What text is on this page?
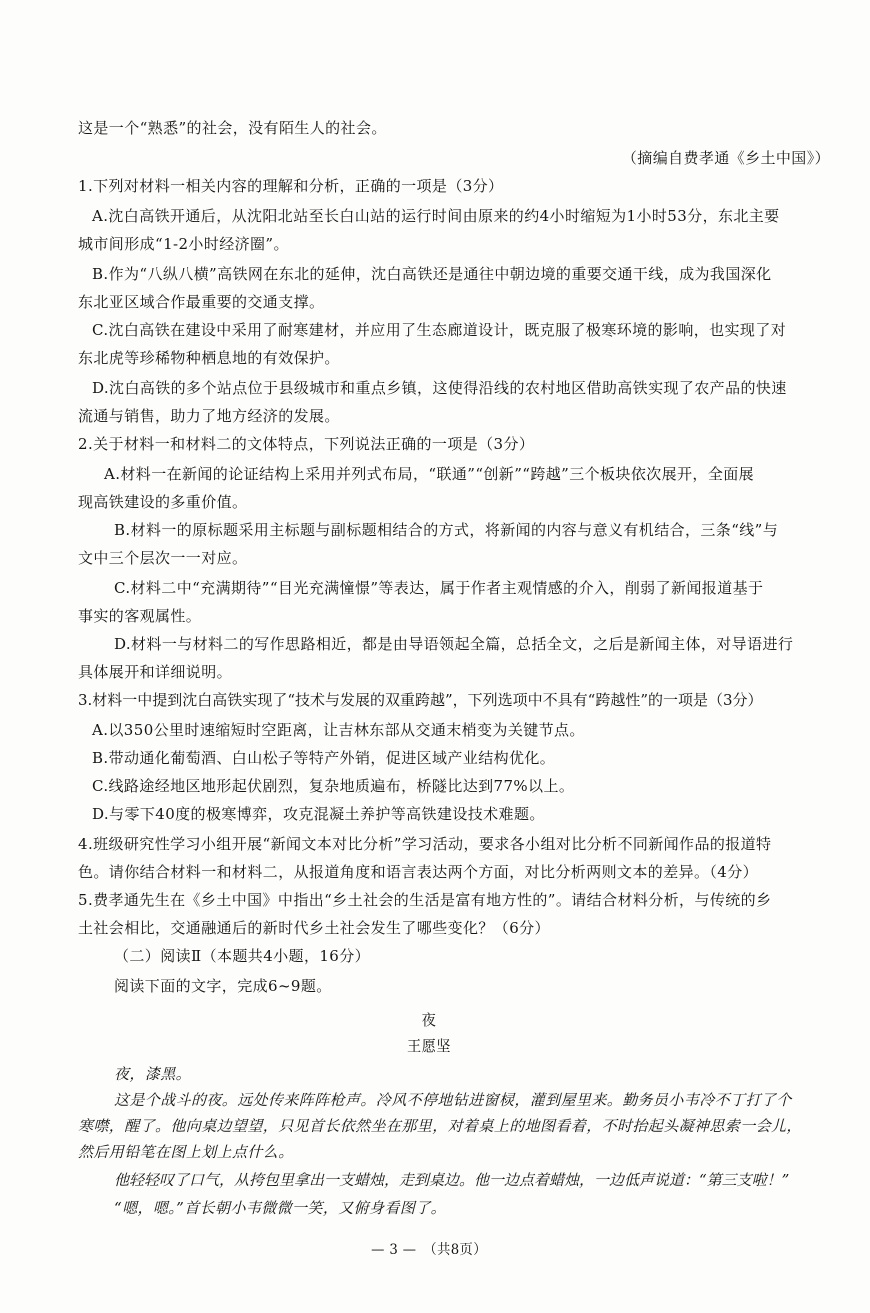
这是一个“熟悉”的社会，没有陌生人的社会。
（摘编自费孝通《乡土中国》）
1.下列对材料一相关内容的理解和分析，正确的一项是（3分）
A.沈白高铁开通后，从沈阳北站至长白山站的运行时间由原来的约4小时缩短为1小时53分，东北主要
城市间形成“1-2小时经济圈”。
B.作为“八纵八横”高铁网在东北的延伸，沈白高铁还是通往中朝边境的重要交通干线，成为我国深化
东北亚区域合作最重要的交通支撑。
C.沈白高铁在建设中采用了耐寒建材，并应用了生态廊道设计，既克服了极寒环境的影响，也实现了对
东北虎等珍稀物种栖息地的有效保护。
D.沈白高铁的多个站点位于县级城市和重点乡镇，这使得沿线的农村地区借助高铁实现了农产品的快速
流通与销售，助力了地方经济的发展。
2.关于材料一和材料二的文体特点，下列说法正确的一项是（3分）
A.材料一在新闻的论证结构上采用并列式布局，“联通”“创新”“跨越”三个板块依次展开，全面展
现高铁建设的多重价值。
B.材料一的原标题采用主标题与副标题相结合的方式，将新闻的内容与意义有机结合，三条“线”与
文中三个层次一一对应。
C.材料二中“充满期待”“目光充满憧憬”等表达，属于作者主观情感的介入，削弱了新闻报道基于
事实的客观属性。
D.材料一与材料二的写作思路相近，都是由导语领起全篇，总括全文，之后是新闻主体，对导语进行
具体展开和详细说明。
3.材料一中提到沈白高铁实现了“技术与发展的双重跨越”，下列选项中不具有“跨越性”的一项是（3分）
A.以350公里时速缩短时空距离，让吉林东部从交通末梢变为关键节点。
B.带动通化葡萄酒、白山松子等特产外销，促进区域产业结构优化。
C.线路途经地区地形起伏剧烈，复杂地质遍布，桥隧比达到77%以上。
D.与零下40度的极寒博弈，攻克混凝土养护等高铁建设技术难题。
4.班级研究性学习小组开展“新闻文本对比分析”学习活动，要求各小组对比分析不同新闻作品的报道特
色。请你结合材料一和材料二，从报道角度和语言表达两个方面，对比分析两则文本的差异。（4分）
5.费孝通先生在《乡土中国》中指出“乡土社会的生活是富有地方性的”。请结合材料分析，与传统的乡
土社会相比，交通融通后的新时代乡土社会发生了哪些变化？（6分）
（二）阅读Ⅱ（本题共4小题，16分）
阅读下面的文字，完成6~9题。
夜
王愿坚
夜，漆黑。
这是个战斗的夜。远处传来阵阵枪声。冷风不停地钻进窗棂，灌到屋里来。勤务员小韦冷不丁打了个
寒噤，醒了。他向桌边望望，只见首长依然坐在那里，对着桌上的地图看着，不时抬起头凝神思索一会儿，
然后用铅笔在图上划上点什么。
他轻轻叹了口气，从挎包里拿出一支蜡烛，走到桌边。他一边点着蜡烛，一边低声说道：“第三支啦！”
“嗯，嗯。”首长朝小韦微微一笑，又俯身看图了。
— 3 —　（共8页）
